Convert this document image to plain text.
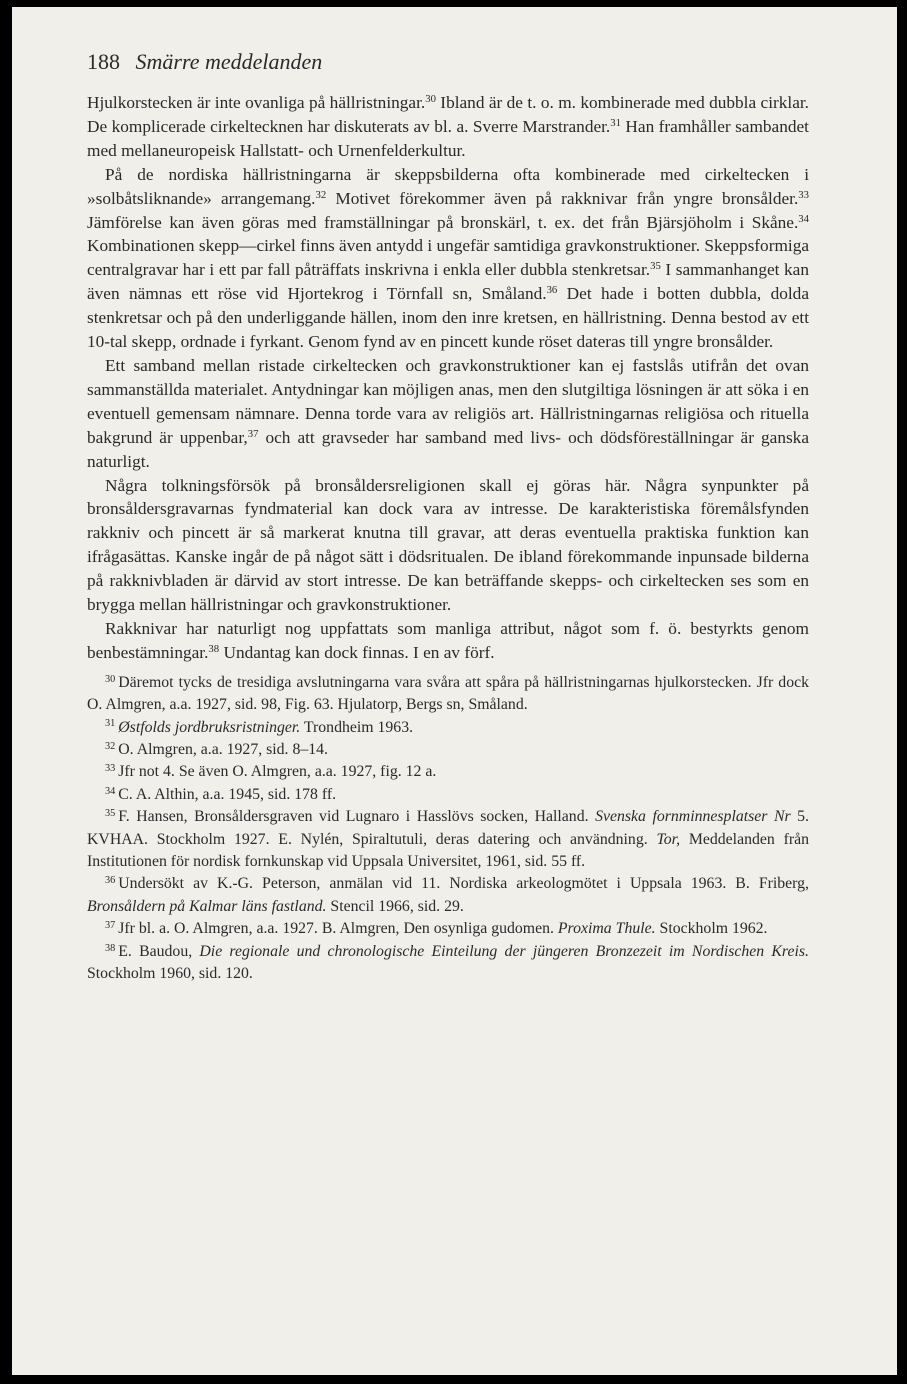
188 Smärre meddelanden

Hjulkorstecken är inte ovanliga på hällristningar.$^{30}$ Ibland är de t. o. m. kombinerade med dubbla cirklar. De komplicerade cirkeltecknen har diskuterats av bl. a. Sverre Marstrander.$^{31}$ Han framhåller sambandet med mellaneuropeisk Hallstatt- och Urnenfelderkultur.

På de nordiska hällristningarna är skeppsbilderna ofta kombinerade med cirkeltecken i »solbåtsliknande» arrangemang.$^{32}$ Motivet förekommer även på rakknivar från yngre bronsålder.$^{33}$ Jämförelse kan även göras med framställningar på bronskärl, t. ex. det från Bjärsjöholm i Skåne.$^{34}$ Kombinationen skepp—cirkel finns även antydd i ungefär samtidiga gravkonstruktioner. Skeppsformiga centralgravar har i ett par fall påträffats inskrivna i enkla eller dubbla stenkretsar.$^{35}$ I sammanhanget kan även nämnas ett röse vid Hjortekrog i Törnfall sn, Småland.$^{36}$ Det hade i botten dubbla, dolda stenkretsar och på den underliggande hällen, inom den inre kretsen, en hällristning. Denna bestod av ett 10-tal skepp, ordnade i fyrkant. Genom fynd av en pincett kunde röset dateras till yngre bronsålder.

Ett samband mellan ristade cirkeltecken och gravkonstruktioner kan ej fastslås utifrån det ovan sammanställda materialet. Antydningar kan möjligen anas, men den slutgiltiga lösningen är att söka i en eventuell gemensam nämnare. Denna torde vara av religiös art. Hällristningarnas religiösa och rituella bakgrund är uppenbar,$^{37}$ och att gravseder har samband med livs- och dödsföreställningar är ganska naturligt.

Några tolkningsförsök på bronsåldersreligionen skall ej göras här. Några synpunkter på bronsåldersgravarnas fyndmaterial kan dock vara av intresse. De karakteristiska föremålsfynden rakkniv och pincett är så markerat knutna till gravar, att deras eventuella praktiska funktion kan ifrågasättas. Kanske ingår de på något sätt i dödsritualen. De ibland förekommande inpunsade bilderna på rakknivbladen är därvid av stort intresse. De kan beträffande skepps- och cirkeltecken ses som en brygga mellan hällristningar och gravkonstruktioner.

Rakknivar har naturligt nog uppfattats som manliga attribut, något som f. ö. bestyrkts genom benbestämningar.$^{38}$ Undantag kan dock finnas. I en av förf.

$^{30}$ Däremot tycks de tresidiga avslutningarna vara svåra att spåra på hällristningarnas hjulkorstecken. Jfr dock O. Almgren, a.a. 1927, sid. 98, Fig. 63. Hjulatorp, Bergs sn, Småland.

$^{31}$ Østfolds jordbruksristninger. Trondheim 1963.

$^{32}$ O. Almgren, a.a. 1927, sid. 8–14.

$^{33}$ Jfr not 4. Se även O. Almgren, a.a. 1927, fig. 12 a.

$^{34}$ C. A. Althin, a.a. 1945, sid. 178 ff.

$^{35}$ F. Hansen, Bronsåldersgraven vid Lugnaro i Hasslövs socken, Halland. Svenska fornminnesplatser Nr 5. KVHAA. Stockholm 1927. E. Nylén, Spiraltutuli, deras datering och användning. Tor, Meddelanden från Institutionen för nordisk fornkunskap vid Uppsala Universitet, 1961, sid. 55 ff.

$^{36}$ Undersökt av K.-G. Peterson, anmälan vid 11. Nordiska arkeologmötet i Uppsala 1963. B. Friberg, Bronsåldern på Kalmar läns fastland. Stencil 1966, sid. 29.

$^{37}$ Jfr bl. a. O. Almgren, a.a. 1927. B. Almgren, Den osynliga gudomen. Proxima Thule. Stockholm 1962.

$^{38}$ E. Baudou, Die regionale und chronologische Einteilung der jüngeren Bronzezeit im Nordischen Kreis. Stockholm 1960, sid. 120.
